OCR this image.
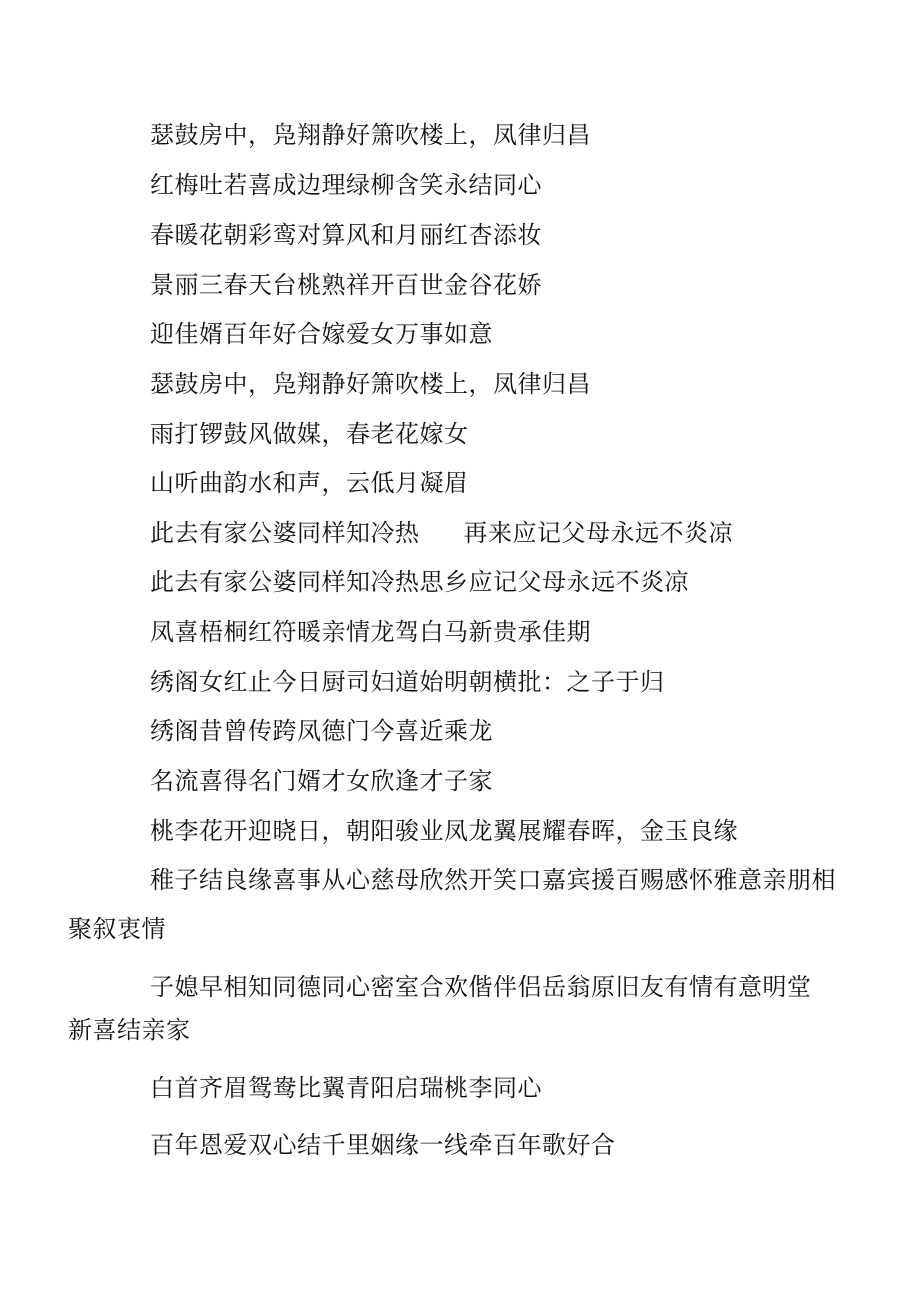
瑟鼓房中，凫翔静好箫吹楼上，凤律归昌
红梅吐若喜成边理绿柳含笑永结同心
春暖花朝彩鸾对算风和月丽红杏添妆
景丽三春天台桃熟祥开百世金谷花娇
迎佳婿百年好合嫁爱女万事如意
瑟鼓房中，凫翔静好箫吹楼上，凤律归昌
雨打锣鼓风做媒，春老花嫁女
山听曲韵水和声，云低月凝眉
此去有家公婆同样知冷热 再来应记父母永远不炎凉
此去有家公婆同样知冷热思乡应记父母永远不炎凉
凤喜梧桐红符暖亲情龙驾白马新贵承佳期
绣阁女红止今日厨司妇道始明朝横批：之子于归
绣阁昔曾传跨凤德门今喜近乘龙
名流喜得名门婿才女欣逢才子家
桃李花开迎晓日，朝阳骏业凤龙翼展耀春晖，金玉良缘
稚子结良缘喜事从心慈母欣然开笑口嘉宾援百赐感怀雅意亲朋相
聚叙衷情
子媳早相知同德同心密室合欢偕伴侣岳翁原旧友有情有意明堂
新喜结亲家
白首齐眉鸳鸯比翼青阳启瑞桃李同心
百年恩爱双心结千里姻缘一线牵百年歌好合
